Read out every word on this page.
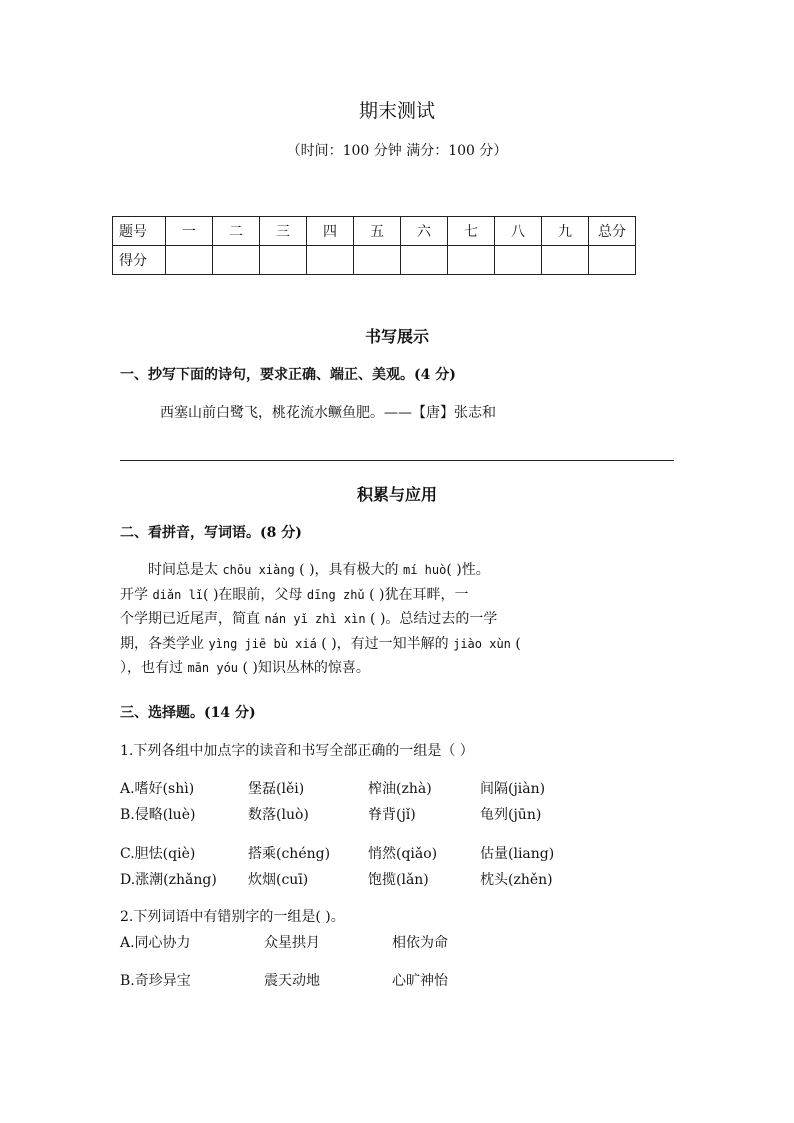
期末测试
（时间：100 分钟 满分：100 分）
题号	一	二	三	四	五	六	七	八	九	总分
得分										
书写展示
一、抄写下面的诗句，要求正确、端正、美观。(4 分)
西塞山前白鹭飞，桃花流水鳜鱼肥。——【唐】张志和
积累与应用
二、看拼音，写词语。(8 分)
　　时间总是太 chōu xiàng ( )，具有极大的 mí huò( )性。
开学 diǎn lǐ( )在眼前，父母 dīng zhǔ ( )犹在耳畔，一
个学期已近尾声，简直 nán yǐ zhì xìn ( )。总结过去的一学
期，各类学业 yìng jiē bù xiá ( )，有过一知半解的 jiào xùn (
），也有过 mān yóu ( )知识丛林的惊喜。
三、选择题。(14 分)
1.下列各组中加点字的读音和书写全部正确的一组是（ ）
A.嗜好(shì)	堡磊(lěi)	榨油(zhà)	间隔(jiàn)
B.侵略(luè)	数落(luò)	脊背(jǐ)	龟列(jūn)
C.胆怯(qiè)	搭乘(chéng)	悄然(qiǎo)	估量(liang)
D.涨潮(zhǎng) 炊烟(cuī)	饱揽(lǎn)	枕头(zhěn)
2.下列词语中有错别字的一组是( )。
A.同心协力	众星拱月	相依为命
B.奇珍异宝	震天动地	心旷神怡
